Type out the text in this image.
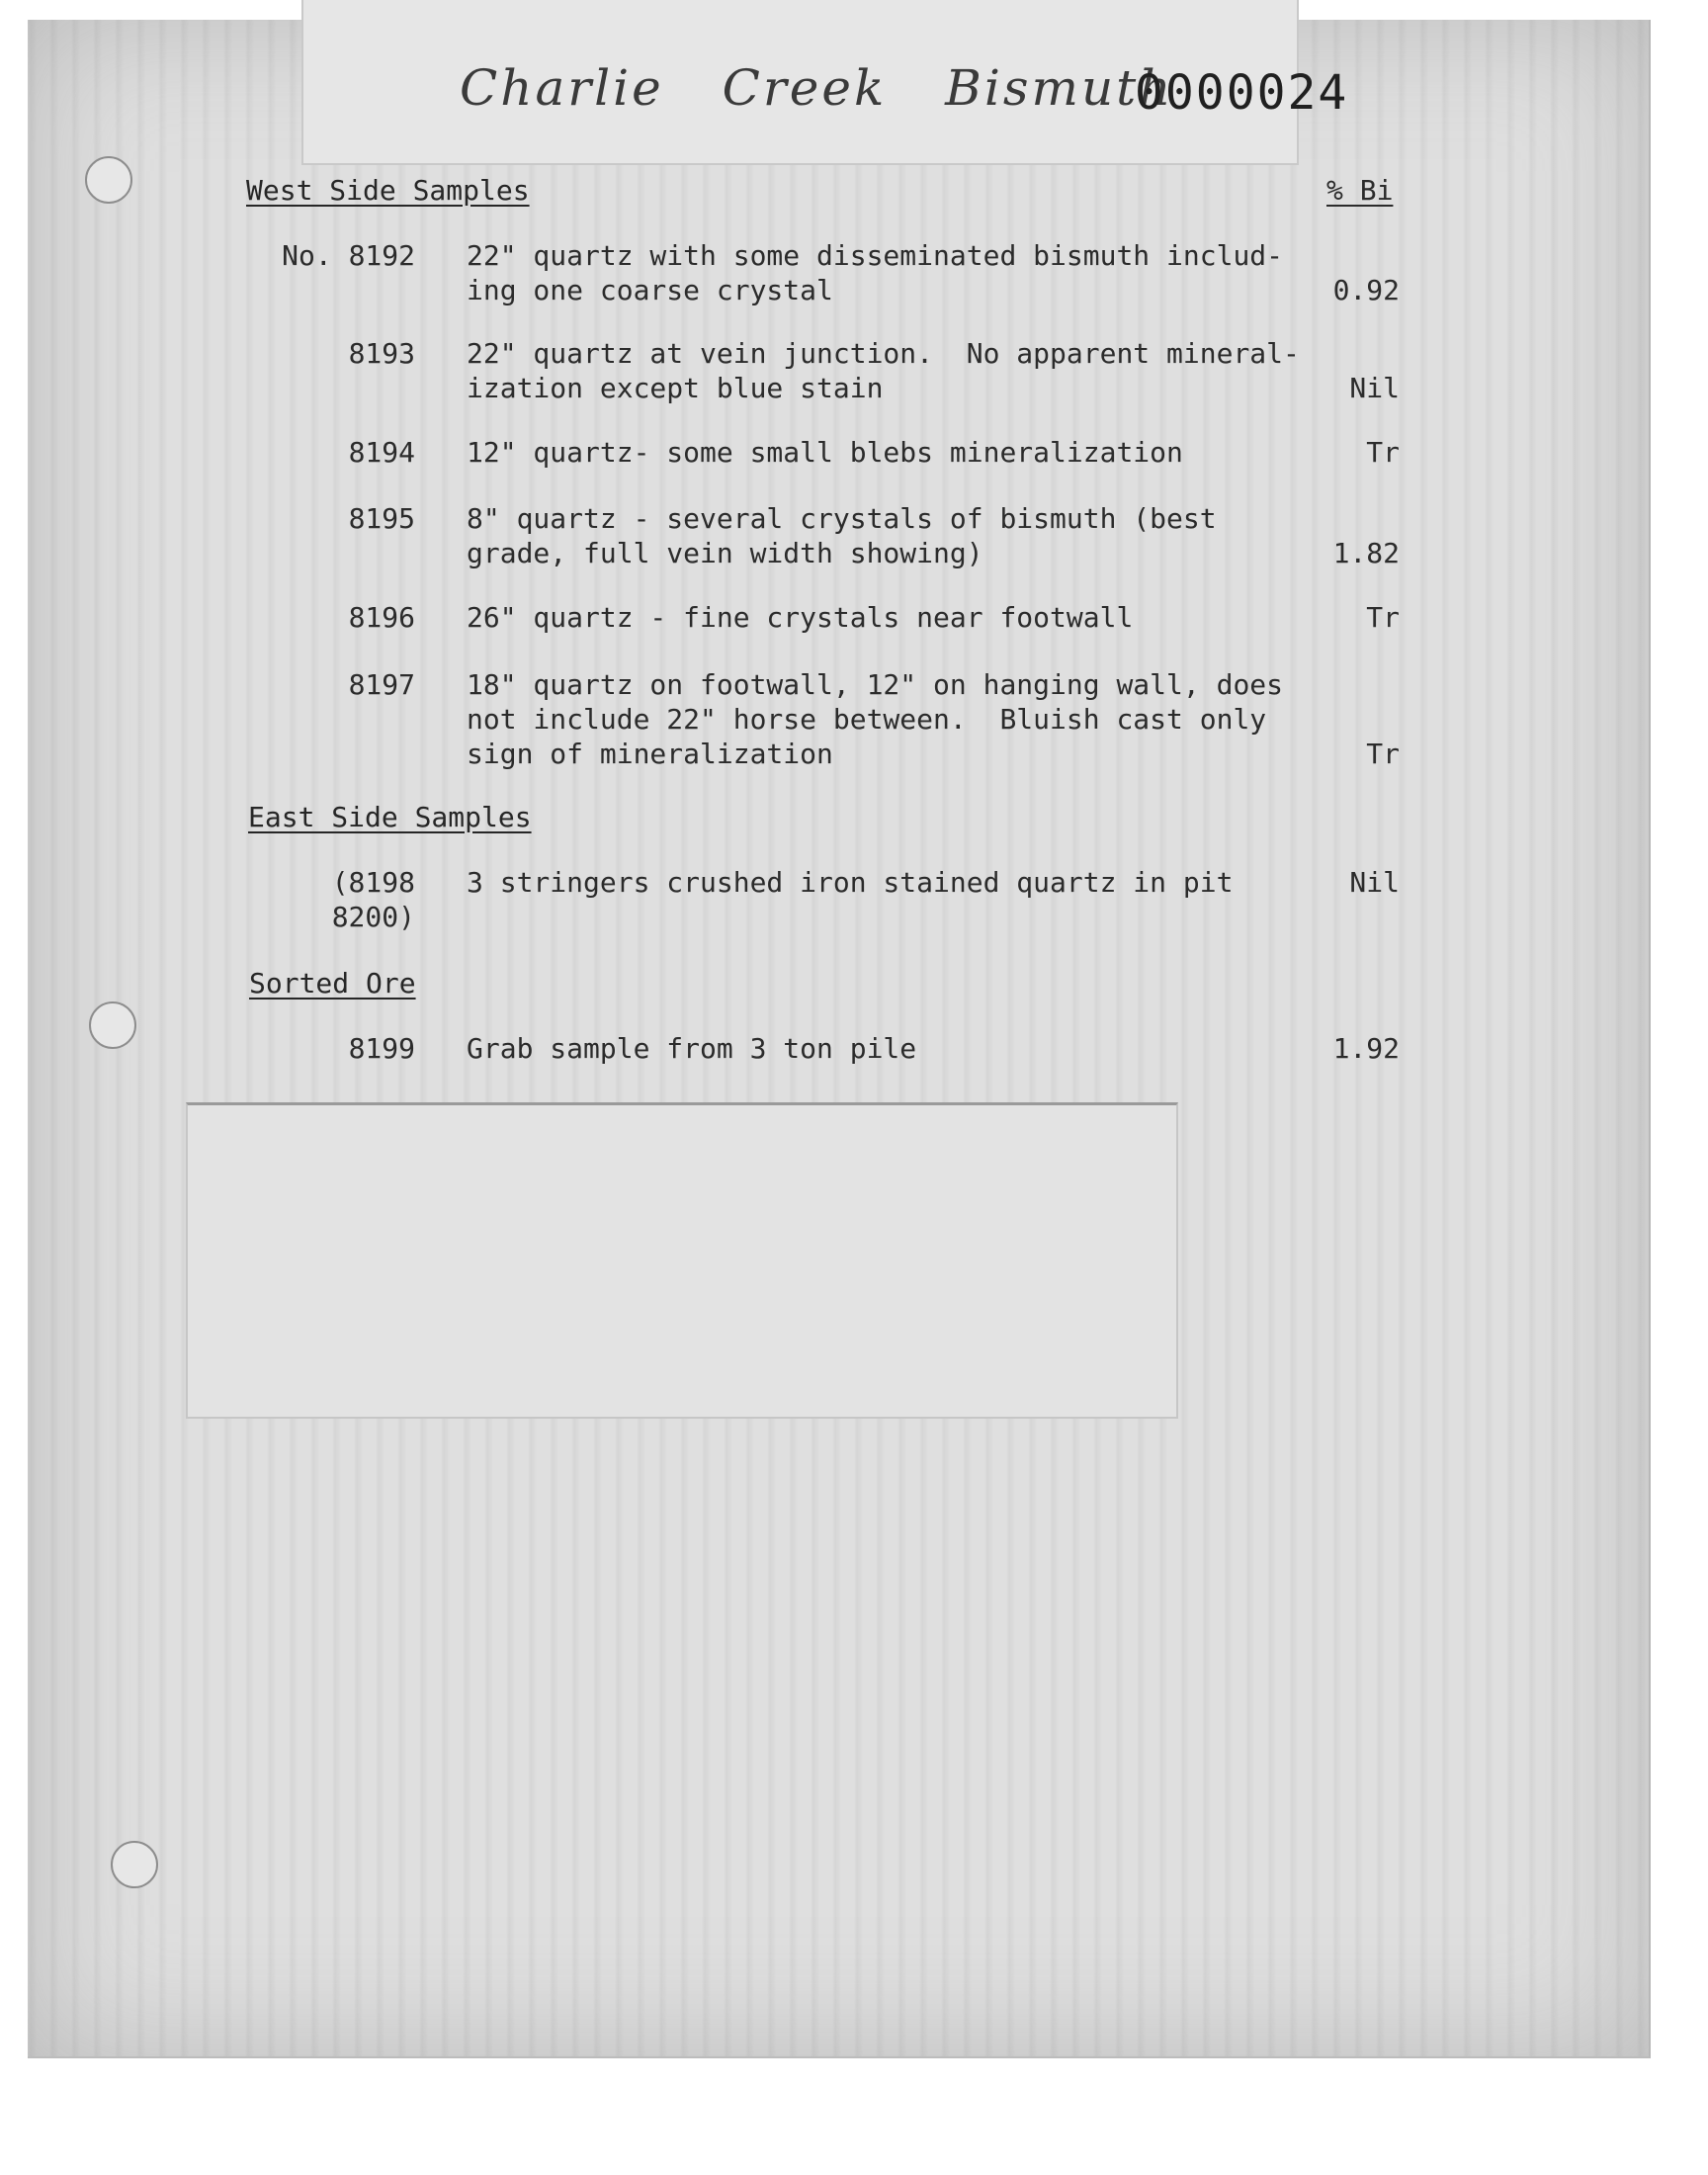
Charlie Creek Bismuth
0000024
West Side Samples	% Bi
No. 8192 22" quartz with some disseminated bismuth includ-
ing one coarse crystal	0.92
8193 22" quartz at vein junction.  No apparent mineral-
ization except blue stain	Nil
8194 12" quartz- some small blebs mineralization	Tr
8195 8" quartz - several crystals of bismuth (best
grade, full vein width showing)	1.82
8196 26" quartz - fine crystals near footwall	Tr
8197 18" quartz on footwall, 12" on hanging wall, does
not include 22" horse between.  Bluish cast only
sign of mineralization	Tr
East Side Samples
(8198
8200)
3 stringers crushed iron stained quartz in pit	Nil
Sorted Ore
8199 Grab sample from 3 ton pile	1.92
